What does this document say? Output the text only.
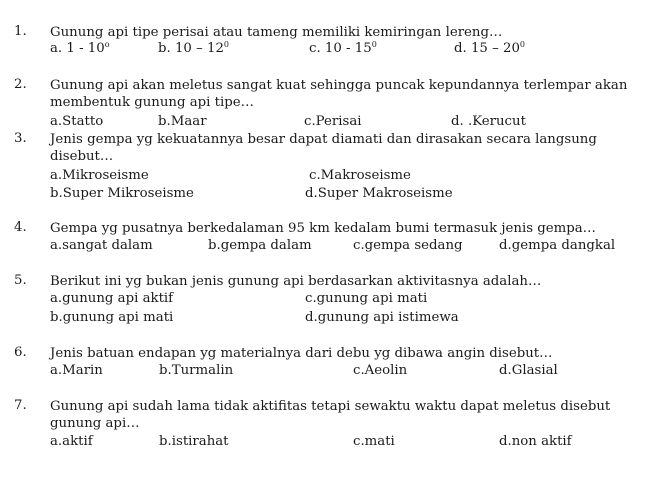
1. Gunung api tipe perisai atau tameng memiliki kemiringan lereng…
a. 1 - 10$^o$	b. $10 - 12^0$	c. $10 - 15^0$	d. $15 - 20^0$
2. Gunung api akan meletus sangat kuat sehingga puncak kepundannya terlempar akan membentuk gunung api tipe…
a.Statto	b.Maar	c.Perisai	d. .Kerucut
3. Jenis gempa yg kekuatannya besar dapat diamati dan dirasakan secara langsung disebut…
a.Mikroseisme	c.Makroseisme
b.Super Mikroseisme	d.Super Makroseisme
4. Gempa yg pusatnya berkedalaman 95 km kedalam bumi termasuk jenis gempa…
a.sangat dalam	b.gempa dalam	c.gempa sedang	d.gempa dangkal
5. Berikut ini yg bukan jenis gunung api berdasarkan aktivitasnya adalah…
a.gunung api aktif	c.gunung api mati
b.gunung api mati	d.gunung api istimewa
6. Jenis batuan endapan yg materialnya dari debu yg dibawa angin disebut…
a.Marin	b.Turmalin	c.Aeolin	d.Glasial
7. Gunung api sudah lama tidak aktifitas tetapi sewaktu waktu dapat meletus disebut gunung api…
a.aktif	b.istirahat	c.mati	d.non aktif
